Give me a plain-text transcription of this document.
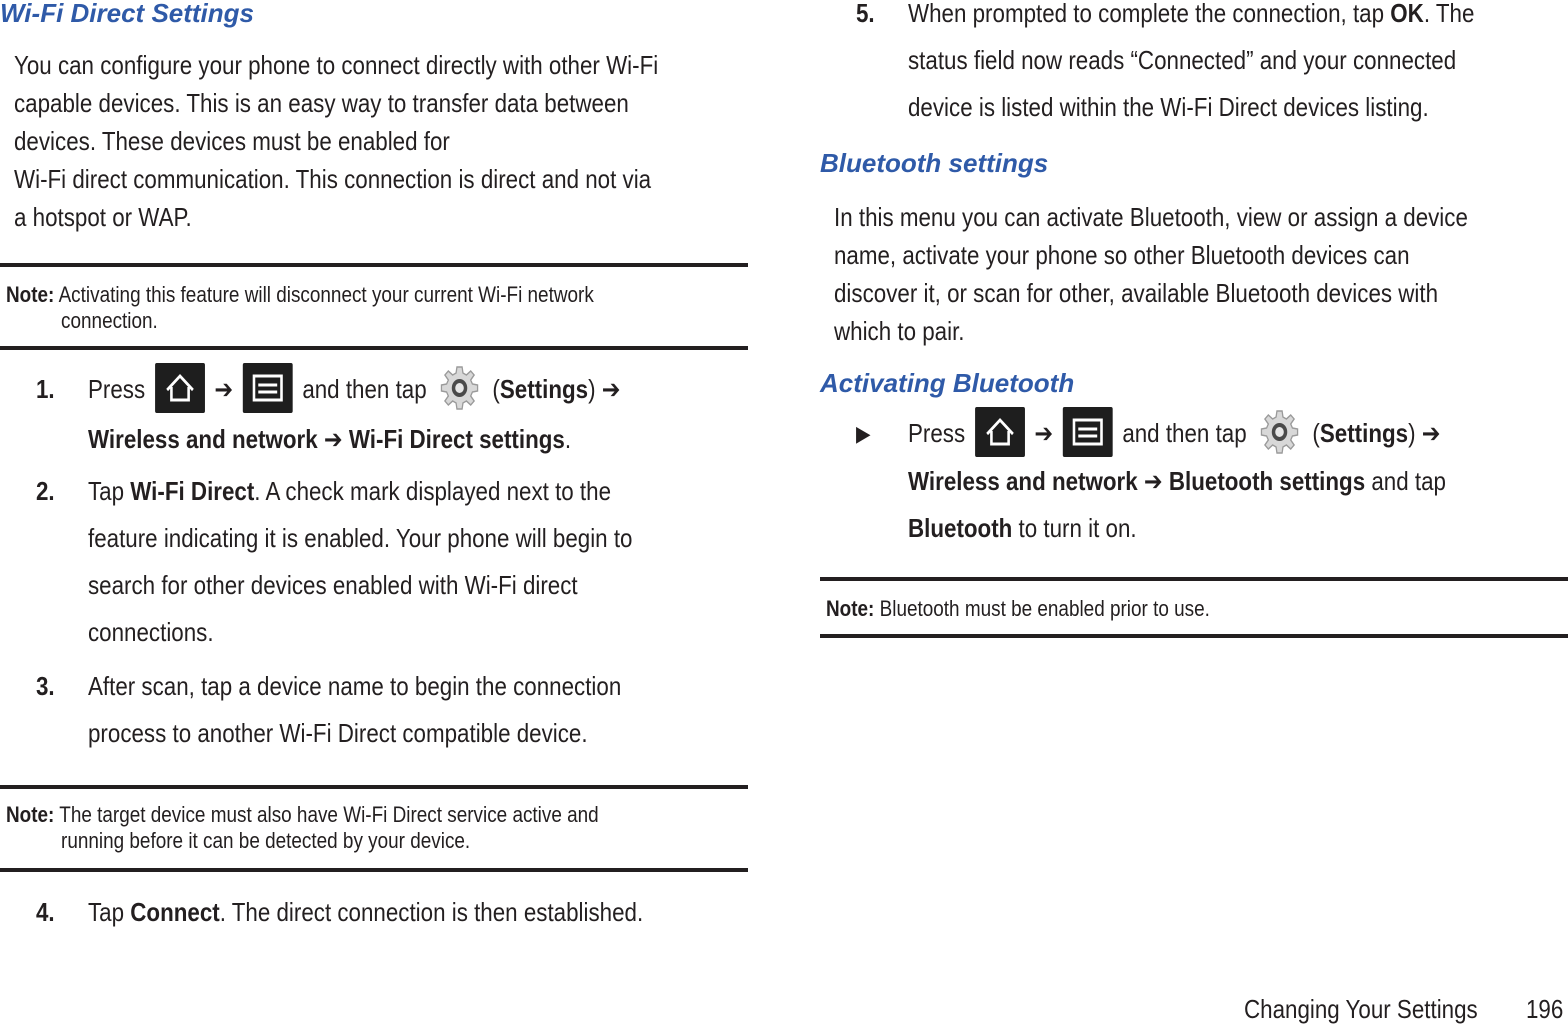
Wi-Fi Direct Settings
You can configure your phone to connect directly with other Wi-Fi
capable devices. This is an easy way to transfer data between
devices. These devices must be enabled for
Wi-Fi direct communication. This connection is direct and not via
a hotspot or WAP.
Note: Activating this feature will disconnect your current Wi-Fi network
connection.
1. Press	➔	and then tap	(Settings) ➔
Wireless and network ➔ Wi-Fi Direct settings.
2. Tap Wi-Fi Direct. A check mark displayed next to the
feature indicating it is enabled. Your phone will begin to
search for other devices enabled with Wi-Fi direct
connections.
3. After scan, tap a device name to begin the connection
process to another Wi-Fi Direct compatible device.
Note: The target device must also have Wi-Fi Direct service active and
running before it can be detected by your device.
4. Tap Connect. The direct connection is then established.
5. When prompted to complete the connection, tap OK. The
status field now reads “Connected” and your connected
device is listed within the Wi-Fi Direct devices listing.
Bluetooth settings
In this menu you can activate Bluetooth, view or assign a device
name, activate your phone so other Bluetooth devices can
discover it, or scan for other, available Bluetooth devices with
which to pair.
Activating Bluetooth
▶ Press	➔	and then tap	(Settings) ➔
Wireless and network ➔ Bluetooth settings and tap
Bluetooth to turn it on.
Note: Bluetooth must be enabled prior to use.
Changing Your Settings 196
